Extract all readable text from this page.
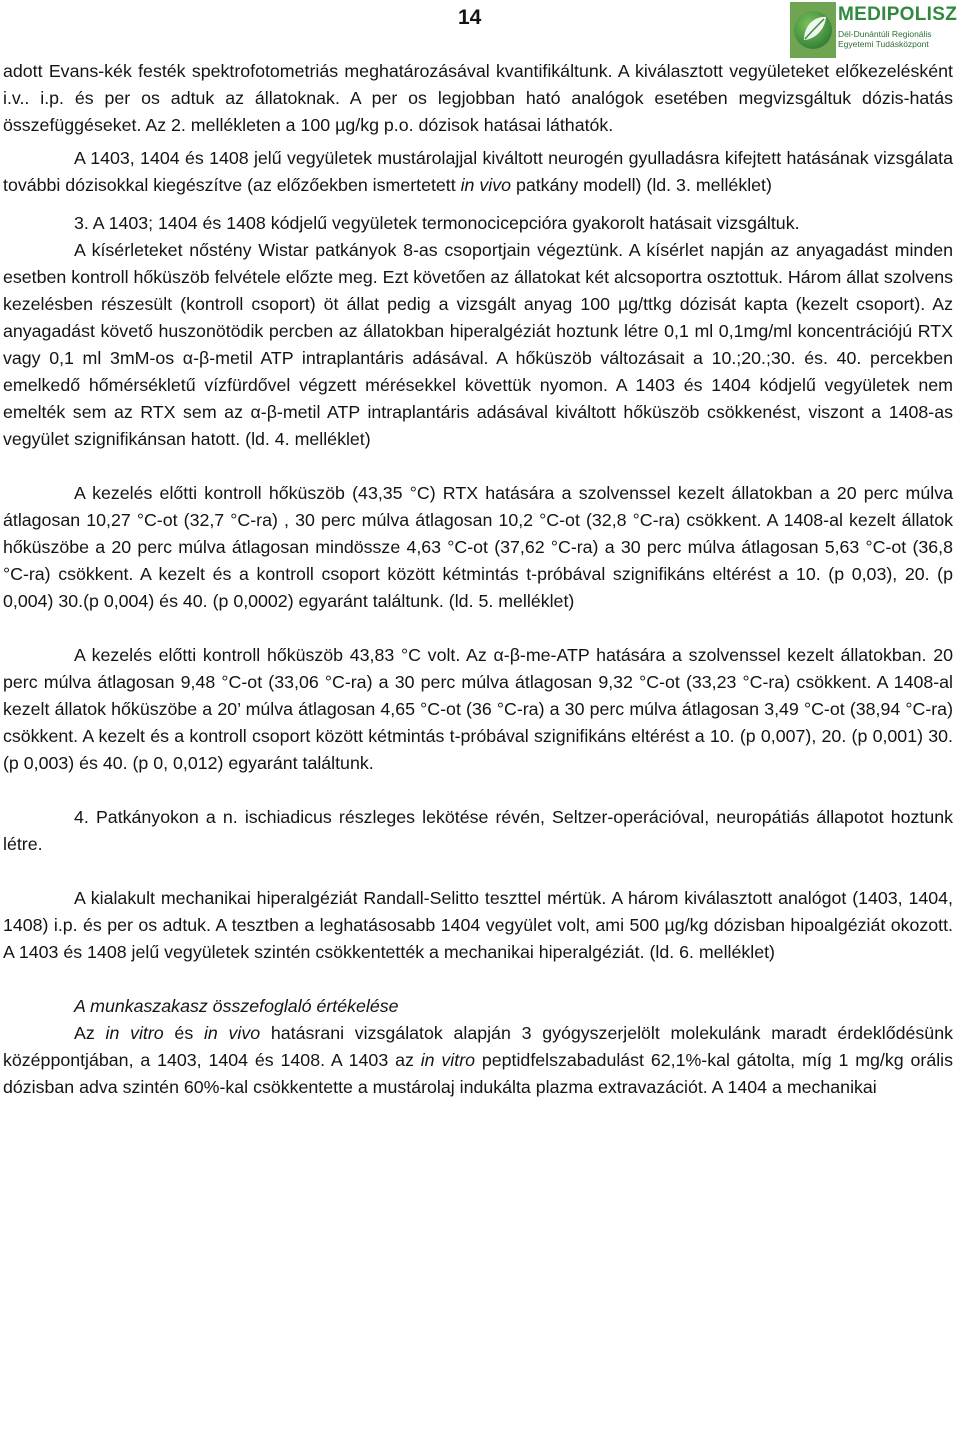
14	MEDIPOLISZ
Dél-Dunántúli Regionális
Egyetemi Tudásközpont

adott Evans-kék festék spektrofotometriás meghatározásával kvantifikáltunk. A kiválasztott vegyületeket előkezelésként i.v.. i.p. és per os adtuk az állatoknak. A per os legjobban ható analógok esetében megvizsgáltuk dózis-hatás összefüggéseket. Az 2. mellékleten a 100 µg/kg p.o. dózisok hatásai láthatók.

A 1403, 1404 és 1408 jelű vegyületek mustárolajjal kiváltott neurogén gyulladásra kifejtett hatásának vizsgálata további dózisokkal kiegészítve (az előzőekben ismertetett in vivo patkány modell) (ld. 3. melléklet)

3. A 1403; 1404 és 1408 kódjelű vegyületek termonocicepcióra gyakorolt hatásait vizsgáltuk.

A kísérleteket nőstény Wistar patkányok 8-as csoportjain végeztünk. A kísérlet napján az anyagadást minden esetben kontroll hőküszöb felvétele előzte meg. Ezt követően az állatokat két alcsoportra osztottuk. Három állat szolvens kezelésben részesült (kontroll csoport) öt állat pedig a vizsgált anyag 100 µg/ttkg dózisát kapta (kezelt csoport). Az anyagadást követő huszonötödik percben az állatokban hiperalgéziát hoztunk létre 0,1 ml 0,1mg/ml koncentrációjú RTX vagy 0,1 ml 3mM-os α-β-metil ATP intraplantáris adásával. A hőküszöb változásait a 10.;20.;30. és. 40. percekben emelkedő hőmérsékletű vízfürdővel végzett mérésekkel követtük nyomon. A 1403 és 1404 kódjelű vegyületek nem emelték sem az RTX sem az α-β-metil ATP intraplantáris adásával kiváltott hőküszöb csökkenést, viszont a 1408-as vegyület szignifikánsan hatott. (ld. 4. melléklet)

A kezelés előtti kontroll hőküszöb (43,35 °C) RTX hatására a szolvenssel kezelt állatokban a 20 perc múlva átlagosan 10,27 °C-ot (32,7 °C-ra) , 30 perc múlva átlagosan 10,2 °C-ot (32,8 °C-ra) csökkent. A 1408-al kezelt állatok hőküszöbe a 20 perc múlva átlagosan mindössze 4,63 °C-ot (37,62 °C-ra) a 30 perc múlva átlagosan 5,63 °C-ot (36,8 °C-ra) csökkent. A kezelt és a kontroll csoport között kétmintás t-próbával szignifikáns eltérést a 10. (p 0,03), 20. (p 0,004) 30.(p 0,004) és 40. (p 0,0002) egyaránt találtunk. (ld. 5. melléklet)

A kezelés előtti kontroll hőküszöb 43,83 °C volt. Az α-β-me-ATP hatására a szolvenssel kezelt állatokban. 20 perc múlva átlagosan 9,48 °C-ot (33,06 °C-ra) a 30 perc múlva átlagosan 9,32 °C-ot (33,23 °C-ra) csökkent. A 1408-al kezelt állatok hőküszöbe a 20’ múlva átlagosan 4,65 °C-ot (36 °C-ra) a 30 perc múlva átlagosan 3,49 °C-ot (38,94 °C-ra) csökkent. A kezelt és a kontroll csoport között kétmintás t-próbával szignifikáns eltérést a 10. (p 0,007), 20. (p 0,001) 30.(p 0,003) és 40. (p 0, 0,012) egyaránt találtunk.

4. Patkányokon a n. ischiadicus részleges lekötése révén, Seltzer-operációval, neuropátiás állapotot hoztunk létre.

A kialakult mechanikai hiperalgéziát Randall-Selitto teszttel mértük. A három kiválasztott analógot (1403, 1404, 1408) i.p. és per os adtuk. A tesztben a leghatásosabb 1404 vegyület volt, ami 500 µg/kg dózisban hipoalgéziát okozott. A 1403 és 1408 jelű vegyületek szintén csökkentették a mechanikai hiperalgéziát. (ld. 6. melléklet)

A munkaszakasz összefoglaló értékelése

Az in vitro és in vivo hatásrani vizsgálatok alapján 3 gyógyszerjelölt molekulánk maradt érdeklődésünk középpontjában, a 1403, 1404 és 1408. A 1403 az in vitro peptidfelszabadulást 62,1%-kal gátolta, míg 1 mg/kg orális dózisban adva szintén 60%-kal csökkentette a mustárolaj indukálta plazma extravazációt. A 1404 a mechanikai
